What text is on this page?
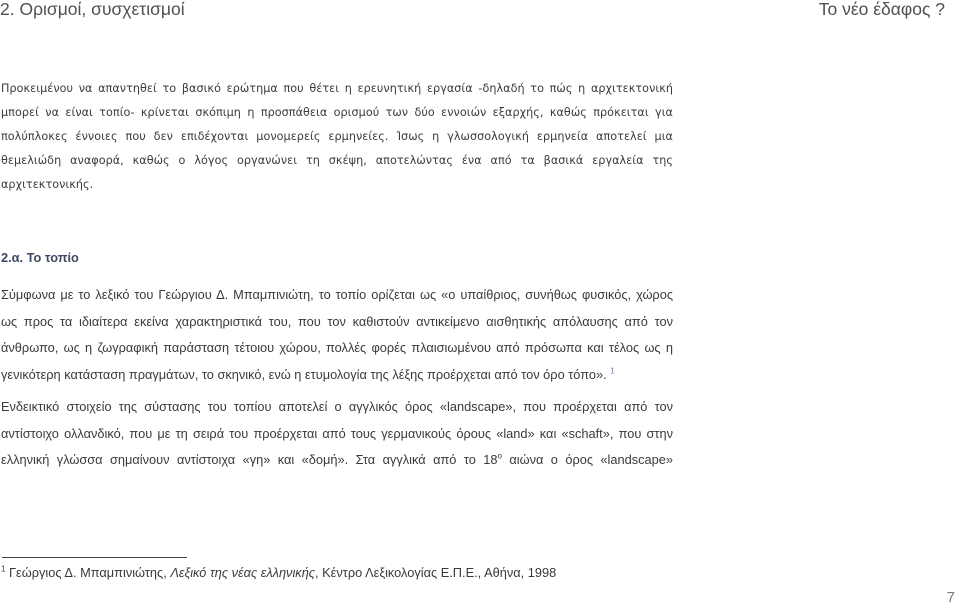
2. Ορισμοί, συσχετισμοί	Το νέο έδαφος ?
Προκειμένου να απαντηθεί το βασικό ερώτημα που θέτει η ερευνητική εργασία -δηλαδή το πώς η αρχιτεκτονική
μπορεί να είναι τοπίο- κρίνεται σκόπιμη η προσπάθεια ορισμού των δύο εννοιών εξαρχής, καθώς πρόκειται για
πολύπλοκες έννοιες που δεν επιδέχονται μονομερείς ερμηνείες. Ίσως η γλωσσολογική ερμηνεία αποτελεί μια
θεμελιώδη αναφορά, καθώς ο λόγος οργανώνει τη σκέψη, αποτελώντας ένα από τα βασικά εργαλεία της
αρχιτεκτονικής.
2.α. Το τοπίο
Σύμφωνα με το λεξικό του Γεώργιου Δ. Μπαμπινιώτη, το τοπίο ορίζεται ως «ο υπαίθριος, συνήθως φυσικός, χώρος
ως προς τα ιδιαίτερα εκείνα χαρακτηριστικά του, που τον καθιστούν αντικείμενο αισθητικής απόλαυσης από τον
άνθρωπο, ως η ζωγραφική παράσταση τέτοιου χώρου, πολλές φορές πλαισιωμένου από πρόσωπα και τέλος ως η
γενικότερη κατάσταση πραγμάτων, το σκηνικό, ενώ η ετυμολογία της λέξης προέρχεται από τον όρο τόπο». $^1$
Ενδεικτικό στοιχείο της σύστασης του τοπίου αποτελεί ο αγγλικός όρος «landscape», που προέρχεται από τον
αντίστοιχο ολλανδικό, που με τη σειρά του προέρχεται από τους γερμανικούς όρους «land» και «schaft», που στην
ελληνική γλώσσα σημαίνουν αντίστοιχα «γη» και «δομή». Στα αγγλικά από το $18^o$ αιώνα ο όρος «landscape»
$^1$ Γεώργιος Δ. Μπαμπινιώτης, Λεξικό της νέας ελληνικής, Κέντρο Λεξικολογίας Ε.Π.Ε., Αθήνα, 1998
7
